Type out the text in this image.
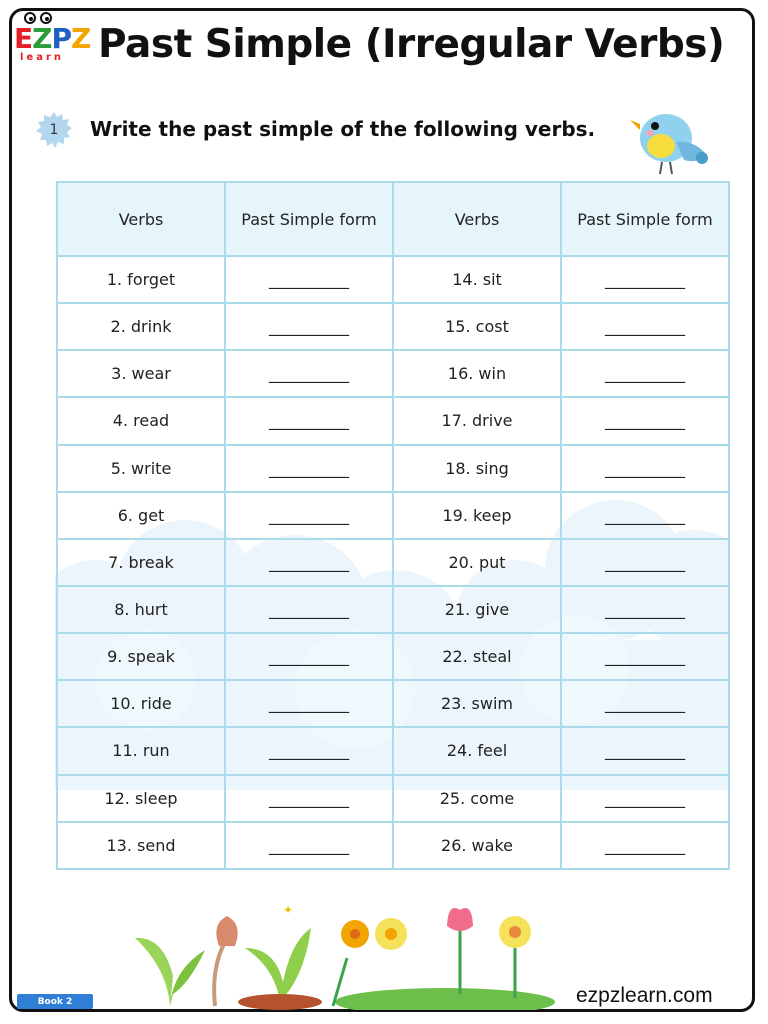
EZPZ
learn Past Simple (Irregular Verbs)
1 Write the past simple of the following verbs.

Verbs	Past Simple form	Verbs	Past Simple form
1. forget	__________	14. sit	__________
2. drink	__________	15. cost	__________
3. wear	__________	16. win	__________
4. read	__________	17. drive	__________
5. write	__________	18. sing	__________
6. get	__________	19. keep	__________
7. break	__________	20. put	__________
8. hurt	__________	21. give	__________
9. speak	__________	22. steal	__________
10. ride	__________	23. swim	__________
11. run	__________	24. feel	__________
12. sleep	__________	25. come	__________
13. send	__________	26. wake	__________
✦
Book 2	ezpzlearn.com
